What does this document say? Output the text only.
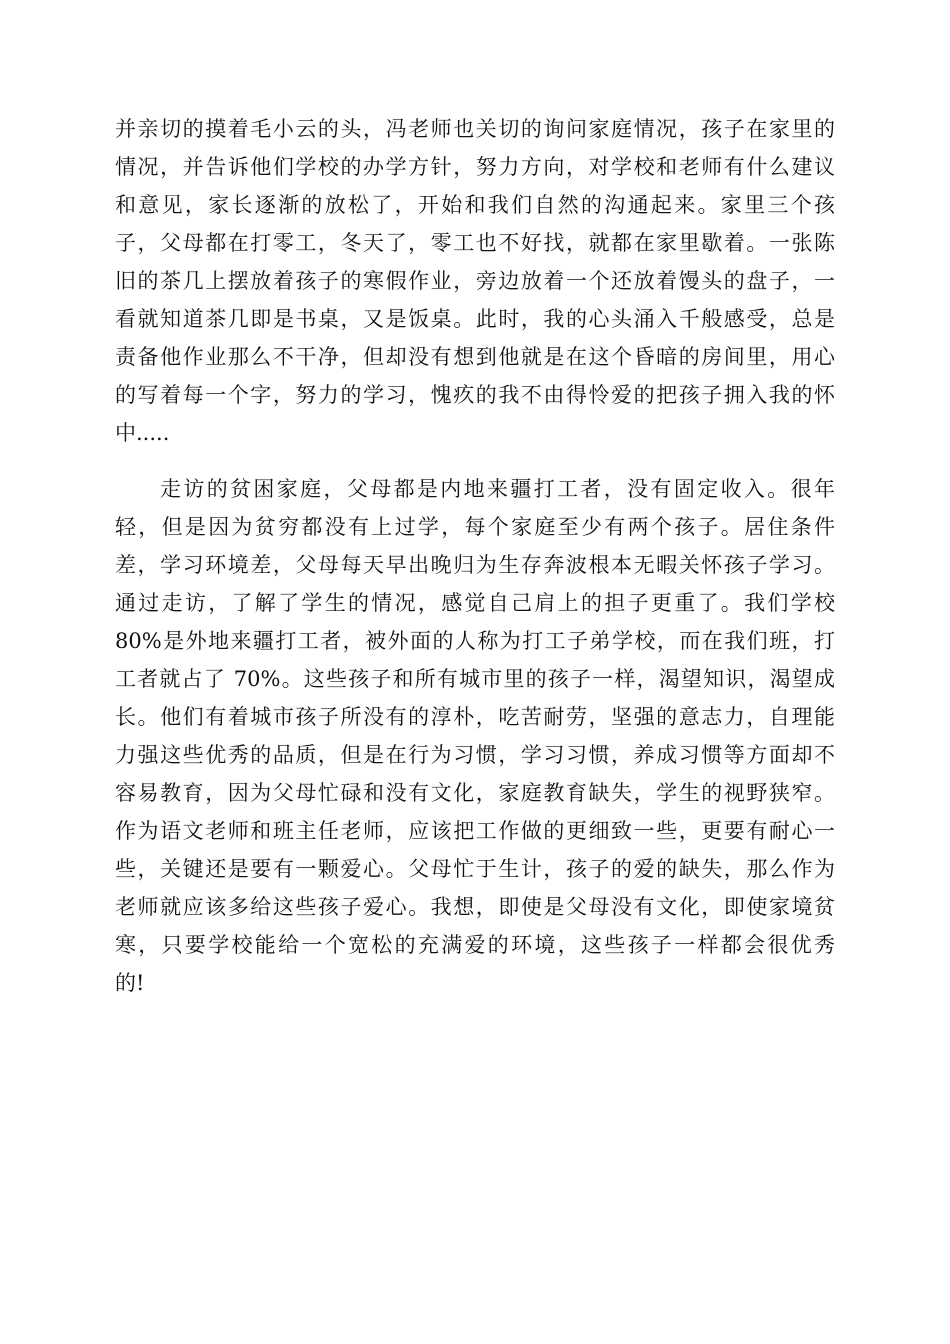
并亲切的摸着毛小云的头，冯老师也关切的询问家庭情况，孩子在家里的
情况，并告诉他们学校的办学方针，努力方向，对学校和老师有什么建议
和意见，家长逐渐的放松了，开始和我们自然的沟通起来。家里三个孩
子，父母都在打零工，冬天了，零工也不好找，就都在家里歇着。一张陈
旧的茶几上摆放着孩子的寒假作业，旁边放着一个还放着馒头的盘子，一
看就知道茶几即是书桌，又是饭桌。此时，我的心头涌入千般感受，总是
责备他作业那么不干净，但却没有想到他就是在这个昏暗的房间里，用心
的写着每一个字，努力的学习，愧疚的我不由得怜爱的把孩子拥入我的怀
中.....
走访的贫困家庭，父母都是内地来疆打工者，没有固定收入。很年
轻，但是因为贫穷都没有上过学，每个家庭至少有两个孩子。居住条件
差，学习环境差，父母每天早出晚归为生存奔波根本无暇关怀孩子学习。
通过走访，了解了学生的情况，感觉自己肩上的担子更重了。我们学校
80%是外地来疆打工者，被外面的人称为打工子弟学校，而在我们班，打
工者就占了 70%。这些孩子和所有城市里的孩子一样，渴望知识，渴望成
长。他们有着城市孩子所没有的淳朴，吃苦耐劳，坚强的意志力，自理能
力强这些优秀的品质，但是在行为习惯，学习习惯，养成习惯等方面却不
容易教育，因为父母忙碌和没有文化，家庭教育缺失，学生的视野狭窄。
作为语文老师和班主任老师，应该把工作做的更细致一些，更要有耐心一
些，关键还是要有一颗爱心。父母忙于生计，孩子的爱的缺失，那么作为
老师就应该多给这些孩子爱心。我想，即使是父母没有文化，即使家境贫
寒，只要学校能给一个宽松的充满爱的环境，这些孩子一样都会很优秀
的!
